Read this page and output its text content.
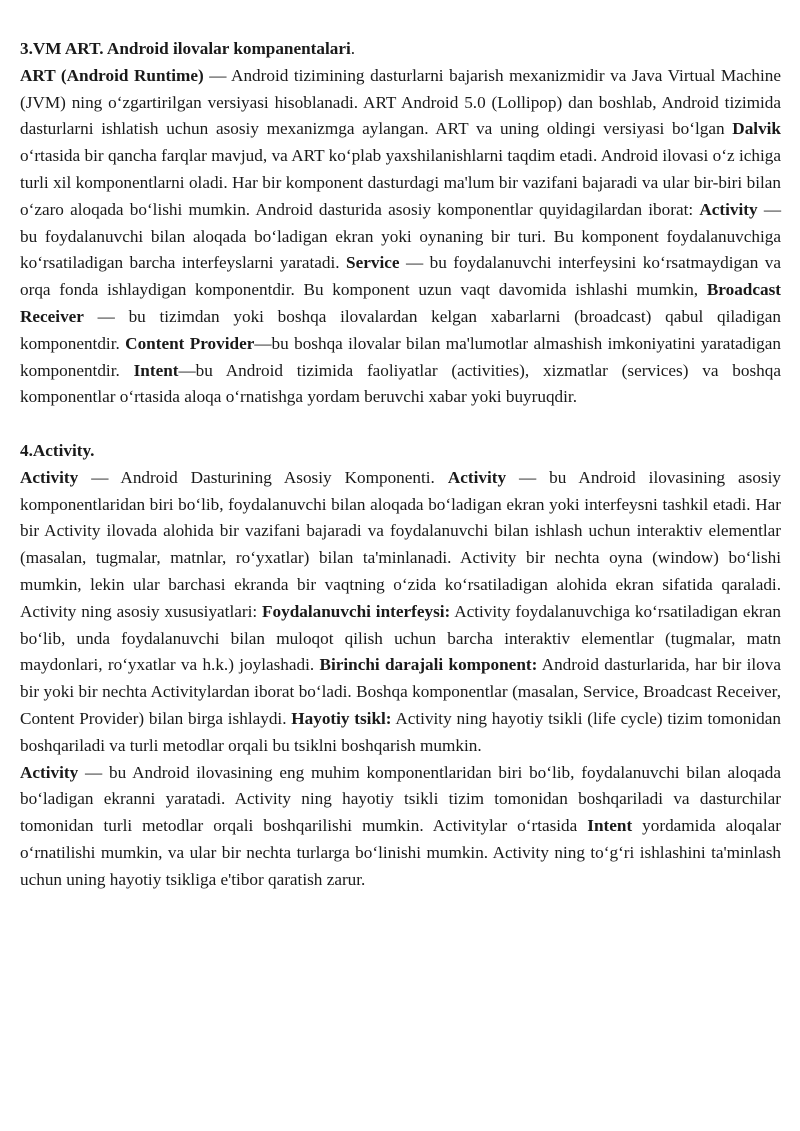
3.VM ART. Android ilovalar kompanentalari.

ART (Android Runtime) — Android tizimining dasturlarni bajarish mexanizmidir va Java Virtual Machine (JVM) ning o‘zgartirilgan versiyasi hisoblanadi. ART Android 5.0 (Lollipop) dan boshlab, Android tizimida dasturlarni ishlatish uchun asosiy mexanizmga aylangan. ART va uning oldingi versiyasi bo‘lgan Dalvik o‘rtasida bir qancha farqlar mavjud, va ART ko‘plab yaxshilanishlarni taqdim etadi. Android ilovasi o‘z ichiga turli xil komponentlarni oladi. Har bir komponent dasturdagi ma'lum bir vazifani bajaradi va ular bir-biri bilan o‘zaro aloqada bo‘lishi mumkin. Android dasturida asosiy komponentlar quyidagilardan iborat: Activity — bu foydalanuvchi bilan aloqada bo‘ladigan ekran yoki oynaning bir turi. Bu komponent foydalanuvchiga ko‘rsatiladigan barcha interfeyslarni yaratadi. Service — bu foydalanuvchi interfeysini ko‘rsatmaydigan va orqa fonda ishlaydigan komponentdir. Bu komponent uzun vaqt davomida ishlashi mumkin, Broadcast Receiver — bu tizimdan yoki boshqa ilovalardan kelgan xabarlarni (broadcast) qabul qiladigan komponentdir. Content Provider—bu boshqa ilovalar bilan ma'lumotlar almashish imkoniyatini yaratadigan komponentdir. Intent—bu Android tizimida faoliyatlar (activities), xizmatlar (services) va boshqa komponentlar o‘rtasida aloqa o‘rnatishga yordam beruvchi xabar yoki buyruqdir.

4.Activity.

Activity — Android Dasturining Asosiy Komponenti. Activity — bu Android ilovasining asosiy komponentlaridan biri bo‘lib, foydalanuvchi bilan aloqada bo‘ladigan ekran yoki interfeysni tashkil etadi. Har bir Activity ilovada alohida bir vazifani bajaradi va foydalanuvchi bilan ishlash uchun interaktiv elementlar (masalan, tugmalar, matnlar, ro‘yxatlar) bilan ta'minlanadi. Activity bir nechta oyna (window) bo‘lishi mumkin, lekin ular barchasi ekranda bir vaqtning o‘zida ko‘rsatiladigan alohida ekran sifatida qaraladi. Activity ning asosiy xususiyatlari: Foydalanuvchi interfeysi: Activity foydalanuvchiga ko‘rsatiladigan ekran bo‘lib, unda foydalanuvchi bilan muloqot qilish uchun barcha interaktiv elementlar (tugmalar, matn maydonlari, ro‘yxatlar va h.k.) joylashadi. Birinchi darajali komponent: Android dasturlarida, har bir ilova bir yoki bir nechta Activitylardan iborat bo‘ladi. Boshqa komponentlar (masalan, Service, Broadcast Receiver, Content Provider) bilan birga ishlaydi. Hayotiy tsikl: Activity ning hayotiy tsikli (life cycle) tizim tomonidan boshqariladi va turli metodlar orqali bu tsiklni boshqarish mumkin.

Activity — bu Android ilovasining eng muhim komponentlaridan biri bo‘lib, foydalanuvchi bilan aloqada bo‘ladigan ekranni yaratadi. Activity ning hayotiy tsikli tizim tomonidan boshqariladi va dasturchilar tomonidan turli metodlar orqali boshqarilishi mumkin. Activitylar o‘rtasida Intent yordamida aloqalar o‘rnatilishi mumkin, va ular bir nechta turlarga bo‘linishi mumkin. Activity ning to‘g‘ri ishlashini ta'minlash uchun uning hayotiy tsikliga e'tibor qaratish zarur.
